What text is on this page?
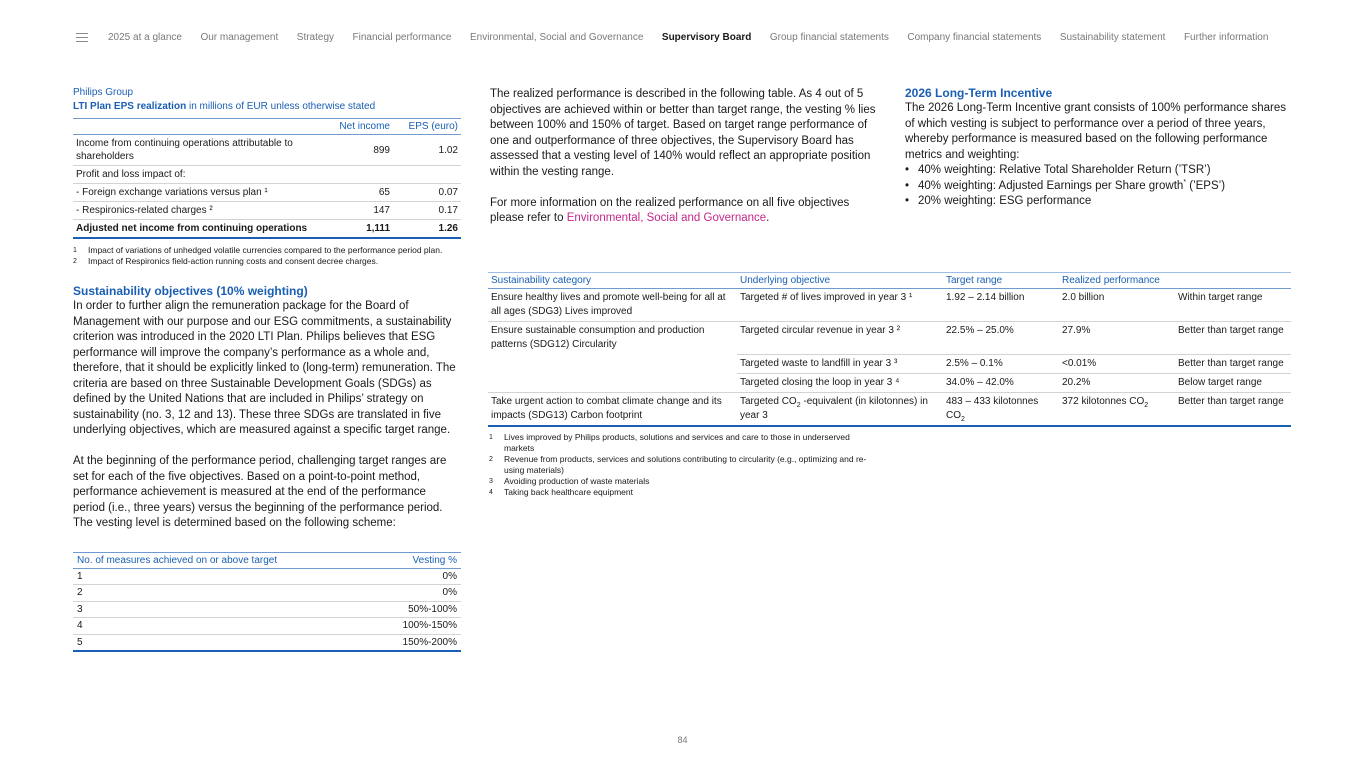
2025 at a glance Our management Strategy Financial performance Environmental, Social and Governance Supervisory Board Group financial statements Company financial statements Sustainability statement Further information
Philips Group
LTI Plan EPS realization in millions of EUR unless otherwise stated
	Net income	EPS (euro)
Income from continuing operations attributable to shareholders	899	1.02
Profit and loss impact of:		
- Foreign exchange variations versus plan ¹	65	0.07
- Respironics-related charges ²	147	0.17
Adjusted net income from continuing operations	1,111	1.26
1	Impact of variations of unhedged volatile currencies compared to the performance period plan.
2	Impact of Respironics field-action running costs and consent decree charges.
Sustainability objectives (10% weighting)
In order to further align the remuneration package for the Board of Management with our purpose and our ESG commitments, a sustainability criterion was introduced in the 2020 LTI Plan. Philips believes that ESG performance will improve the company’s performance as a whole and, therefore, that it should be explicitly linked to (long-term) remuneration. The criteria are based on three Sustainable Development Goals (SDGs) as defined by the United Nations that are included in Philips’ strategy on sustainability (no. 3, 12 and 13). These three SDGs are translated in five underlying objectives, which are measured against a specific target range.
At the beginning of the performance period, challenging target ranges are set for each of the five objectives. Based on a point-to-point method, performance achievement is measured at the end of the performance period (i.e., three years) versus the beginning of the performance period. The vesting level is determined based on the following scheme:
No. of measures achieved on or above target	Vesting %
1	0%
2	0%
3	50%-100%
4	100%-150%
5	150%-200%
The realized performance is described in the following table. As 4 out of 5 objectives are achieved within or better than target range, the vesting % lies between 100% and 150% of target. Based on target range performance of one and outperformance of three objectives, the Supervisory Board has assessed that a vesting level of 140% would reflect an appropriate position within the vesting range.
For more information on the realized performance on all five objectives please refer to Environmental, Social and Governance.
2026 Long-Term Incentive
The 2026 Long-Term Incentive grant consists of 100% performance shares of which vesting is subject to performance over a period of three years, whereby performance is measured based on the following performance metrics and weighting:
• 40% weighting: Relative Total Shareholder Return (’TSR’)
• 40% weighting: Adjusted Earnings per Share growth* (’EPS’)
• 20% weighting: ESG performance
Sustainability category	Underlying objective	Target range	Realized performance	
Ensure healthy lives and promote well-being for all at all ages (SDG3) Lives improved	Targeted # of lives improved in year 3 ¹	1.92 – 2.14 billion	2.0 billion	Within target range
Ensure sustainable consumption and production patterns (SDG12) Circularity	Targeted circular revenue in year 3 ²	22.5% – 25.0%	27.9%	Better than target range
	Targeted waste to landfill in year 3 ³	2.5% – 0.1%	<0.01%	Better than target range
	Targeted closing the loop in year 3 ⁴	34.0% – 42.0%	20.2%	Below target range
Take urgent action to combat climate change and its impacts (SDG13) Carbon footprint	Targeted $CO_2$ -equivalent (in kilotonnes) in year 3	483 – 433 kilotonnes $CO_2$	372 kilotonnes $CO_2$	Better than target range
1	Lives improved by Philips products, solutions and services and care to those in underserved markets
2	Revenue from products, services and solutions contributing to circularity (e.g., optimizing and re-using materials)
3	Avoiding production of waste materials
4	Taking back healthcare equipment
84
